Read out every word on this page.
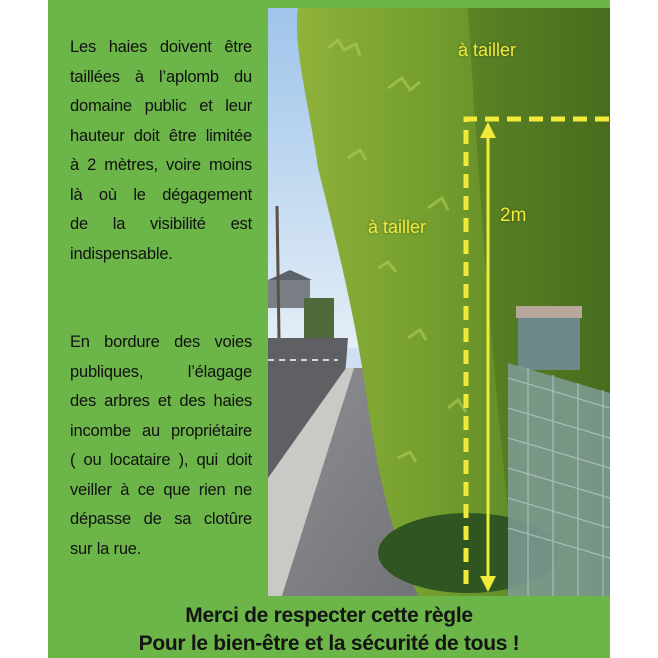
Les haies doivent être
taillées à l’aplomb du
domaine public et leur
hauteur doit être limitée
à 2 mètres, voire moins
là où le dégagement
de la visibilité est
indispensable.
En bordure des voies
publiques, l’élagage
des arbres et des haies
incombe au propriétaire
( ou locataire ), qui doit
veiller à ce que rien ne
dépasse de sa clotûre
sur la rue.
à tailler
à tailler
2m
Merci de respecter cette règle
Pour le bien-être et la sécurité de tous !
